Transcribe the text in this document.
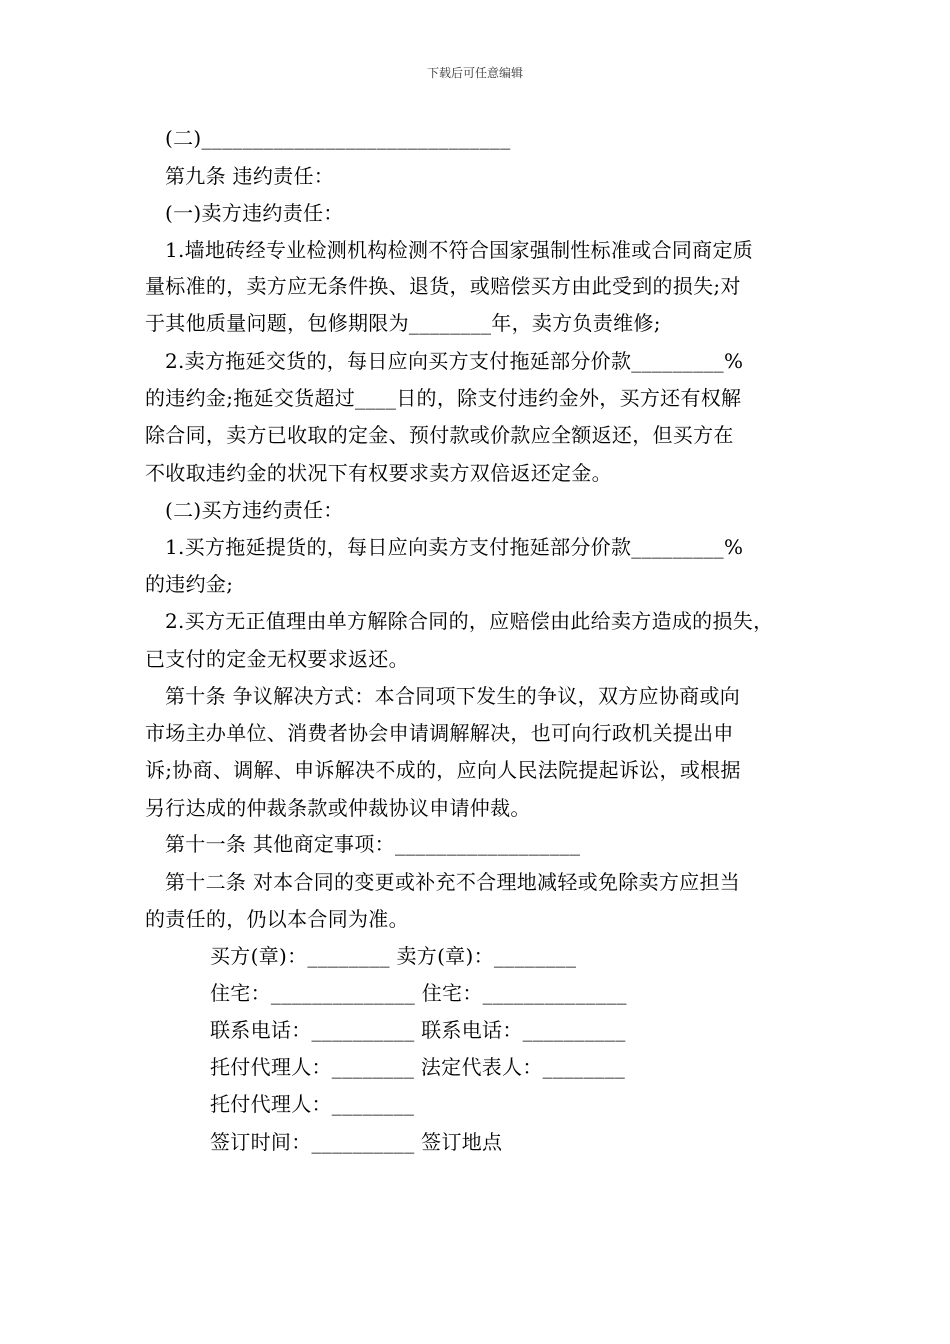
下载后可任意编辑
(二)______________________________
第九条 违约责任：
(一)卖方违约责任：
1.墙地砖经专业检测机构检测不符合国家强制性标准或合同商定质
量标准的，卖方应无条件换、退货，或赔偿买方由此受到的损失;对
于其他质量问题，包修期限为________年，卖方负责维修;
2.卖方拖延交货的，每日应向买方支付拖延部分价款_________%
的违约金;拖延交货超过____日的，除支付违约金外，买方还有权解
除合同，卖方已收取的定金、预付款或价款应全额返还，但买方在
不收取违约金的状况下有权要求卖方双倍返还定金。
(二)买方违约责任：
1.买方拖延提货的，每日应向卖方支付拖延部分价款_________%
的违约金;
2.买方无正值理由单方解除合同的，应赔偿由此给卖方造成的损失，
已支付的定金无权要求返还。
第十条 争议解决方式：本合同项下发生的争议，双方应协商或向
市场主办单位、消费者协会申请调解解决，也可向行政机关提出申
诉;协商、调解、申诉解决不成的，应向人民法院提起诉讼，或根据
另行达成的仲裁条款或仲裁协议申请仲裁。
第十一条 其他商定事项：__________________
第十二条 对本合同的变更或补充不合理地减轻或免除卖方应担当
的责任的，仍以本合同为准。
买方(章)：________ 卖方(章)：________
住宅：______________ 住宅：______________
联系电话：__________ 联系电话：__________
托付代理人：________ 法定代表人：________
托付代理人：________
签订时间：__________ 签订地点
